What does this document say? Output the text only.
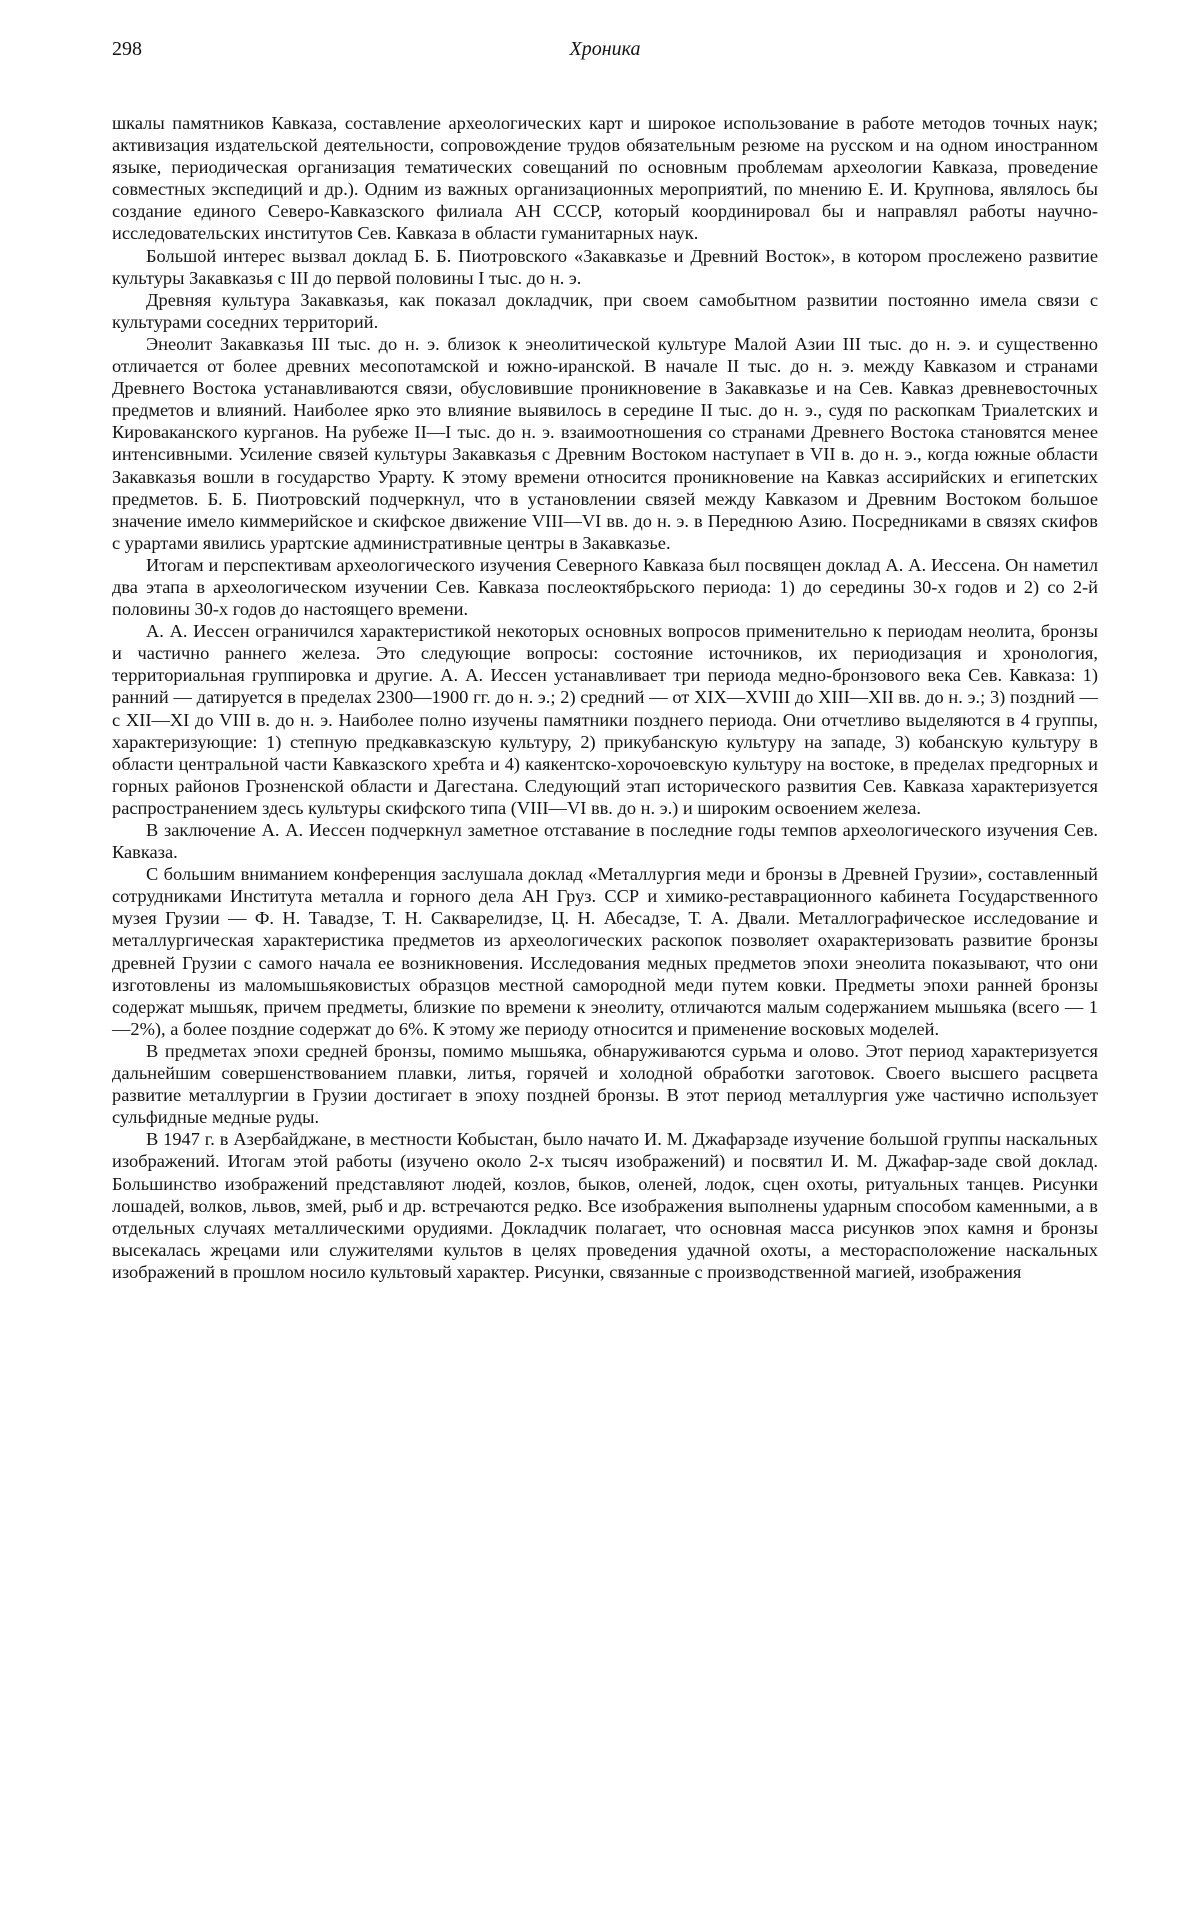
298	Хроника

шкалы памятников Кавказа, составление археологических карт и широкое использование в работе методов точных наук; активизация издательской деятельности, сопровождение трудов обязательным резюме на русском и на одном иностранном языке, периодическая организация тематических совещаний по основным проблемам археологии Кавказа, проведение совместных экспедиций и др.). Одним из важных организационных мероприятий, по мнению Е. И. Крупнова, являлось бы создание единого Северо-Кавказского филиала АН СССР, который координировал бы и направлял работы научно-исследовательских институтов Сев. Кавказа в области гуманитарных наук.

Большой интерес вызвал доклад Б. Б. Пиотровского «Закавказье и Древний Восток», в котором прослежено развитие культуры Закавказья с III до первой половины I тыс. до н. э.

Древняя культура Закавказья, как показал докладчик, при своем самобытном развитии постоянно имела связи с культурами соседних территорий.

Энеолит Закавказья III тыс. до н. э. близок к энеолитической культуре Малой Азии III тыс. до н. э. и существенно отличается от более древних месопотамской и южно-иранской. В начале II тыс. до н. э. между Кавказом и странами Древнего Востока устанавливаются связи, обусловившие проникновение в Закавказье и на Сев. Кавказ древневосточных предметов и влияний. Наиболее ярко это влияние выявилось в середине II тыс. до н. э., судя по раскопкам Триалетских и Кироваканского курганов. На рубеже II—I тыс. до н. э. взаимоотношения со странами Древнего Востока становятся менее интенсивными. Усиление связей культуры Закавказья с Древним Востоком наступает в VII в. до н. э., когда южные области Закавказья вошли в государство Урарту. К этому времени относится проникновение на Кавказ ассирийских и египетских предметов. Б. Б. Пиотровский подчеркнул, что в установлении связей между Кавказом и Древним Востоком большое значение имело киммерийское и скифское движение VIII—VI вв. до н. э. в Переднюю Азию. Посредниками в связях скифов с урартами явились урартские административные центры в Закавказье.

Итогам и перспективам археологического изучения Северного Кавказа был посвящен доклад А. А. Иессена. Он наметил два этапа в археологическом изучении Сев. Кавказа послеоктябрьского периода: 1) до середины 30-х годов и 2) со 2-й половины 30-х годов до настоящего времени.

А. А. Иессен ограничился характеристикой некоторых основных вопросов применительно к периодам неолита, бронзы и частично раннего железа. Это следующие вопросы: состояние источников, их периодизация и хронология, территориальная группировка и другие. А. А. Иессен устанавливает три периода медно-бронзового века Сев. Кавказа: 1) ранний — датируется в пределах 2300—1900 гг. до н. э.; 2) средний — от XIX—XVIII до XIII—XII вв. до н. э.; 3) поздний — с XII—XI до VIII в. до н. э. Наиболее полно изучены памятники позднего периода. Они отчетливо выделяются в 4 группы, характеризующие: 1) степную предкавказскую культуру, 2) прикубанскую культуру на западе, 3) кобанскую культуру в области центральной части Кавказского хребта и 4) каякентско-хорочоевскую культуру на востоке, в пределах предгорных и горных районов Грозненской области и Дагестана. Следующий этап исторического развития Сев. Кавказа характеризуется распространением здесь культуры скифского типа (VIII—VI вв. до н. э.) и широким освоением железа.

В заключение А. А. Иессен подчеркнул заметное отставание в последние годы темпов археологического изучения Сев. Кавказа.

С большим вниманием конференция заслушала доклад «Металлургия меди и бронзы в Древней Грузии», составленный сотрудниками Института металла и горного дела АН Груз. ССР и химико-реставрационного кабинета Государственного музея Грузии — Ф. Н. Тавадзе, Т. Н. Сакварелидзе, Ц. Н. Абесадзе, Т. А. Двали. Металлографическое исследование и металлургическая характеристика предметов из археологических раскопок позволяет охарактеризовать развитие бронзы древней Грузии с самого начала ее возникновения. Исследования медных предметов эпохи энеолита показывают, что они изготовлены из маломышьяковистых образцов местной самородной меди путем ковки. Предметы эпохи ранней бронзы содержат мышьяк, причем предметы, близкие по времени к энеолиту, отличаются малым содержанием мышьяка (всего — 1—2%), а более поздние содержат до 6%. К этому же периоду относится и применение восковых моделей.

В предметах эпохи средней бронзы, помимо мышьяка, обнаруживаются сурьма и олово. Этот период характеризуется дальнейшим совершенствованием плавки, литья, горячей и холодной обработки заготовок. Своего высшего расцвета развитие металлургии в Грузии достигает в эпоху поздней бронзы. В этот период металлургия уже частично использует сульфидные медные руды.

В 1947 г. в Азербайджане, в местности Кобыстан, было начато И. М. Джафарзаде изучение большой группы наскальных изображений. Итогам этой работы (изучено около 2-х тысяч изображений) и посвятил И. М. Джафар-заде свой доклад. Большинство изображений представляют людей, козлов, быков, оленей, лодок, сцен охоты, ритуальных танцев. Рисунки лошадей, волков, львов, змей, рыб и др. встречаются редко. Все изображения выполнены ударным способом каменными, а в отдельных случаях металлическими орудиями. Докладчик полагает, что основная масса рисунков эпох камня и бронзы высекалась жрецами или служителями культов в целях проведения удачной охоты, а месторасположение наскальных изображений в прошлом носило культовый характер. Рисунки, связанные с производственной магией, изображения
